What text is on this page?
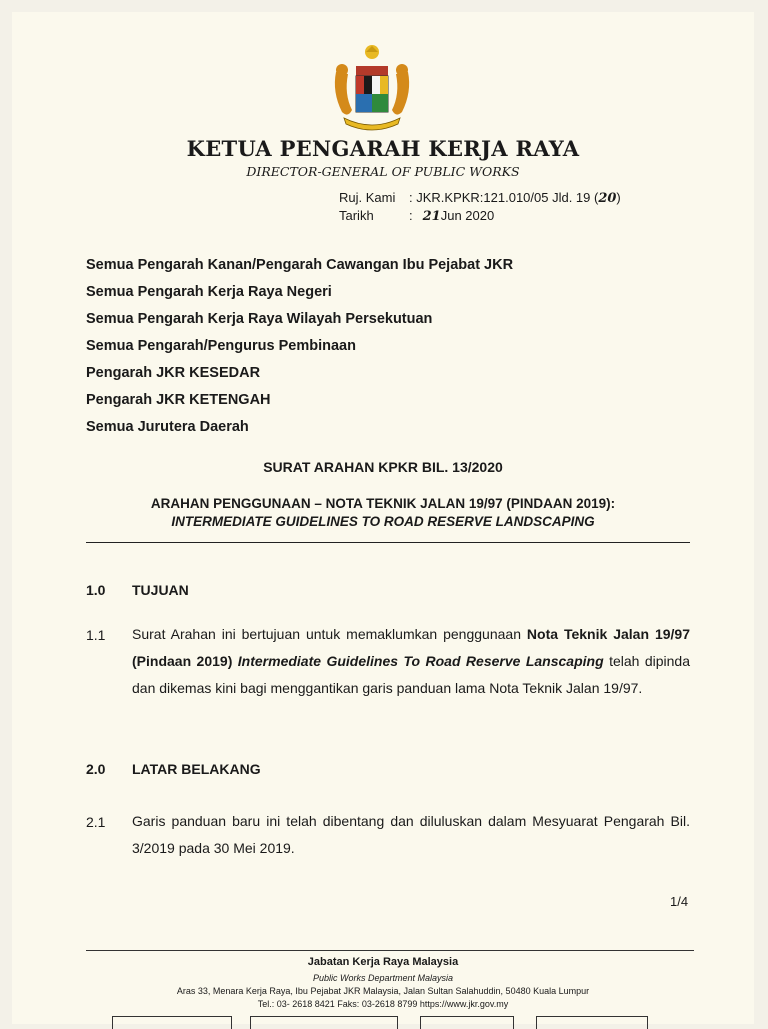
KETUA PENGARAH KERJA RAYA
DIRECTOR-GENERAL OF PUBLIC WORKS
Ruj. Kami : JKR.KPKR:121.010/05 Jld. 19 (20)
Tarikh	: 21Jun 2020
Semua Pengarah Kanan/Pengarah Cawangan Ibu Pejabat JKR
Semua Pengarah Kerja Raya Negeri
Semua Pengarah Kerja Raya Wilayah Persekutuan
Semua Pengarah/Pengurus Pembinaan
Pengarah JKR KESEDAR
Pengarah JKR KETENGAH
Semua Jurutera Daerah
SURAT ARAHAN KPKR BIL. 13/2020
ARAHAN PENGGUNAAN – NOTA TEKNIK JALAN 19/97 (PINDAAN 2019):
INTERMEDIATE GUIDELINES TO ROAD RESERVE LANDSCAPING
1.0 TUJUAN
1.1 Surat Arahan ini bertujuan untuk memaklumkan penggunaan Nota Teknik Jalan 19/97 (Pindaan 2019) Intermediate Guidelines To Road Reserve Lanscaping telah dipinda dan dikemas kini bagi menggantikan garis panduan lama Nota Teknik Jalan 19/97.
2.0 LATAR BELAKANG
2.1 Garis panduan baru ini telah dibentang dan diluluskan dalam Mesyuarat Pengarah Bil. 3/2019 pada 30 Mei 2019.
1/4
Jabatan Kerja Raya Malaysia
Public Works Department Malaysia
Aras 33, Menara Kerja Raya, Ibu Pejabat JKR Malaysia, Jalan Sultan Salahuddin, 50480 Kuala Lumpur
Tel.: 03- 2618 8421 Faks: 03-2618 8799 https://www.jkr.gov.my
